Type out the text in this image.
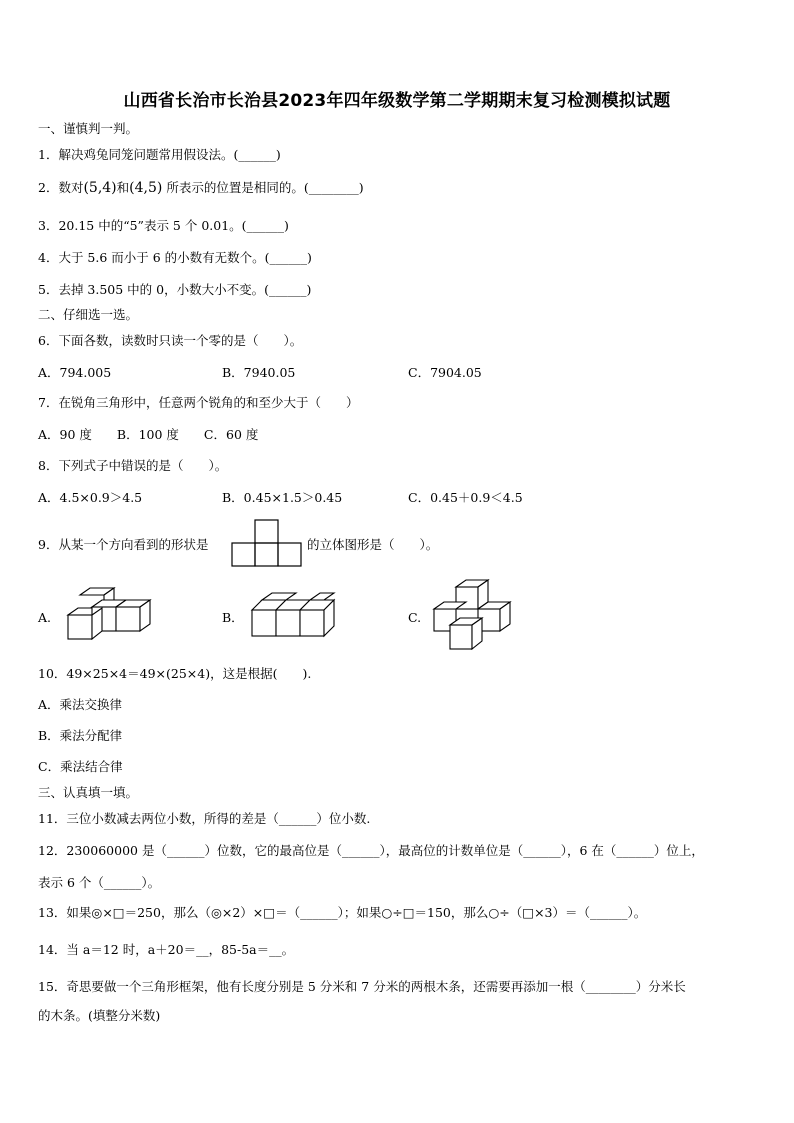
山西省长治市长治县2023年四年级数学第二学期期末复习检测模拟试题
一、谨慎判一判。
1．解决鸡兔同笼问题常用假设法。(______)
2．数对(5,4)和(4,5) 所表示的位置是相同的。(________)
3．20.15 中的“5”表示 5 个 0.01。(______)
4．大于 5.6 而小于 6 的小数有无数个。(______)
5．去掉 3.505 中的 0，小数大小不变。(______)
二、仔细选一选。
6．下面各数，读数时只读一个零的是（　　）。
A．794.005	B．7940.05	C．7904.05
7．在锐角三角形中，任意两个锐角的和至少大于（　　）
A．90 度　　B．100 度　　C．60 度
8．下列式子中错误的是（　　）。
A．4.5×0.9＞4.5	B．0.45×1.5＞0.45	C．0.45＋0.9＜4.5
9．从某一个方向看到的形状是	的立体图形是（　　）。
A.	B．	C.
10．49×25×4＝49×(25×4)，这是根据(　　).
A．乘法交换律
B．乘法分配律
C．乘法结合律
三、认真填一填。
11．三位小数减去两位小数，所得的差是（______）位小数.
12．230060000 是（______）位数，它的最高位是（______），最高位的计数单位是（______），6 在（______）位上，
表示 6 个（______）。
13．如果◎×□＝250，那么（◎×2）×□＝（______）；如果○÷□＝150，那么○÷（□×3）＝（______）。
14．当 a＝12 时，a＋20＝__，85-5a＝__。
15．奇思要做一个三角形框架，他有长度分别是 5 分米和 7 分米的两根木条，还需要再添加一根（________）分米长
的木条。(填整分米数)
